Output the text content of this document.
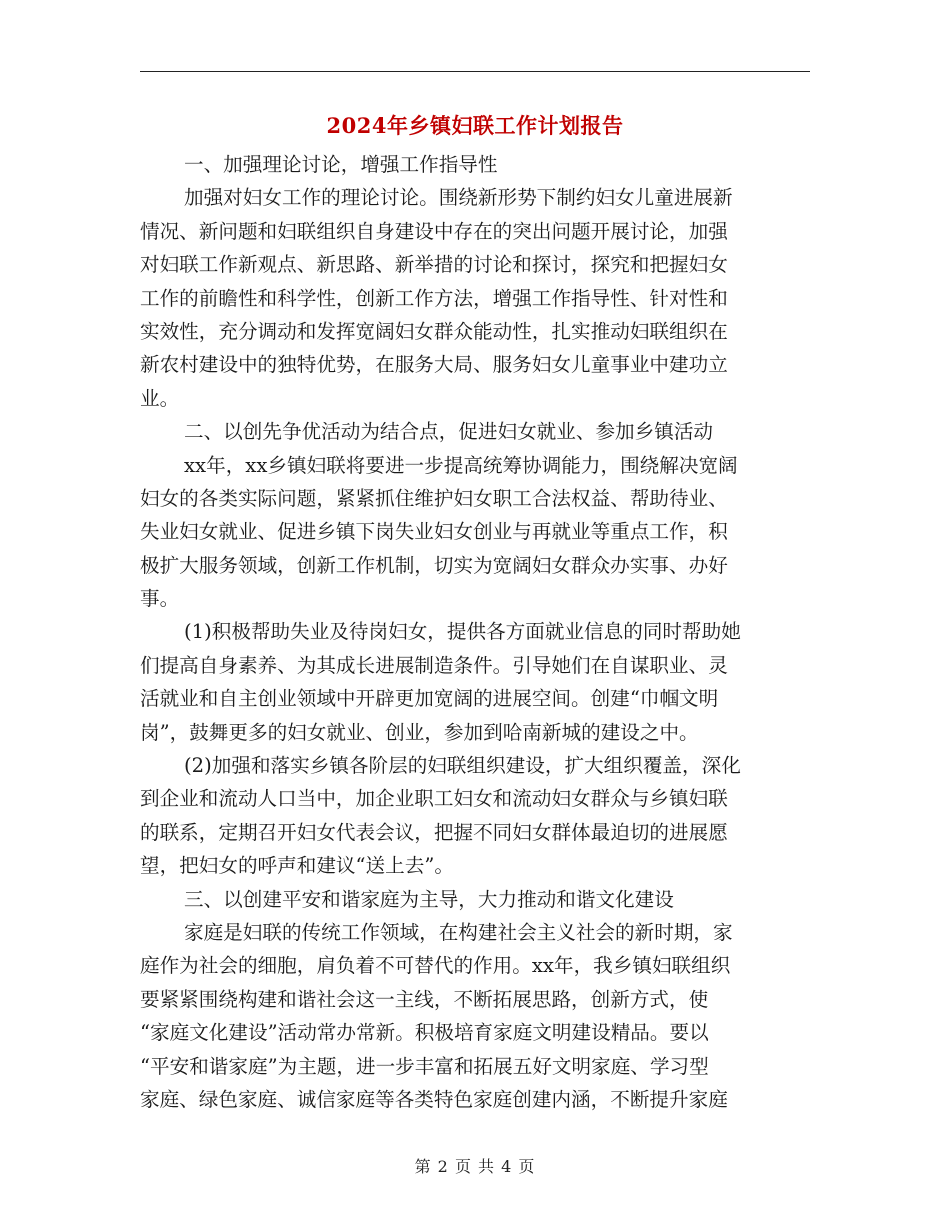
2024年乡镇妇联工作计划报告
一、加强理论讨论，增强工作指导性
加强对妇女工作的理论讨论。围绕新形势下制约妇女儿童进展新
情况、新问题和妇联组织自身建设中存在的突出问题开展讨论，加强
对妇联工作新观点、新思路、新举措的讨论和探讨，探究和把握妇女
工作的前瞻性和科学性，创新工作方法，增强工作指导性、针对性和
实效性，充分调动和发挥宽阔妇女群众能动性，扎实推动妇联组织在
新农村建设中的独特优势，在服务大局、服务妇女儿童事业中建功立
业。
二、以创先争优活动为结合点，促进妇女就业、参加乡镇活动
xx年，xx乡镇妇联将要进一步提高统筹协调能力，围绕解决宽阔
妇女的各类实际问题，紧紧抓住维护妇女职工合法权益、帮助待业、
失业妇女就业、促进乡镇下岗失业妇女创业与再就业等重点工作，积
极扩大服务领域，创新工作机制，切实为宽阔妇女群众办实事、办好
事。
(1)积极帮助失业及待岗妇女，提供各方面就业信息的同时帮助她
们提高自身素养、为其成长进展制造条件。引导她们在自谋职业、灵
活就业和自主创业领域中开辟更加宽阔的进展空间。创建“巾帼文明
岗”，鼓舞更多的妇女就业、创业，参加到哈南新城的建设之中。
(2)加强和落实乡镇各阶层的妇联组织建设，扩大组织覆盖，深化
到企业和流动人口当中，加企业职工妇女和流动妇女群众与乡镇妇联
的联系，定期召开妇女代表会议，把握不同妇女群体最迫切的进展愿
望，把妇女的呼声和建议“送上去”。
三、以创建平安和谐家庭为主导，大力推动和谐文化建设
家庭是妇联的传统工作领域，在构建社会主义社会的新时期，家
庭作为社会的细胞，肩负着不可替代的作用。xx年，我乡镇妇联组织
要紧紧围绕构建和谐社会这一主线，不断拓展思路，创新方式，使
“家庭文化建设”活动常办常新。积极培育家庭文明建设精品。要以
“平安和谐家庭”为主题，进一步丰富和拓展五好文明家庭、学习型
家庭、绿色家庭、诚信家庭等各类特色家庭创建内涵，不断提升家庭
第 2 页 共 4 页
